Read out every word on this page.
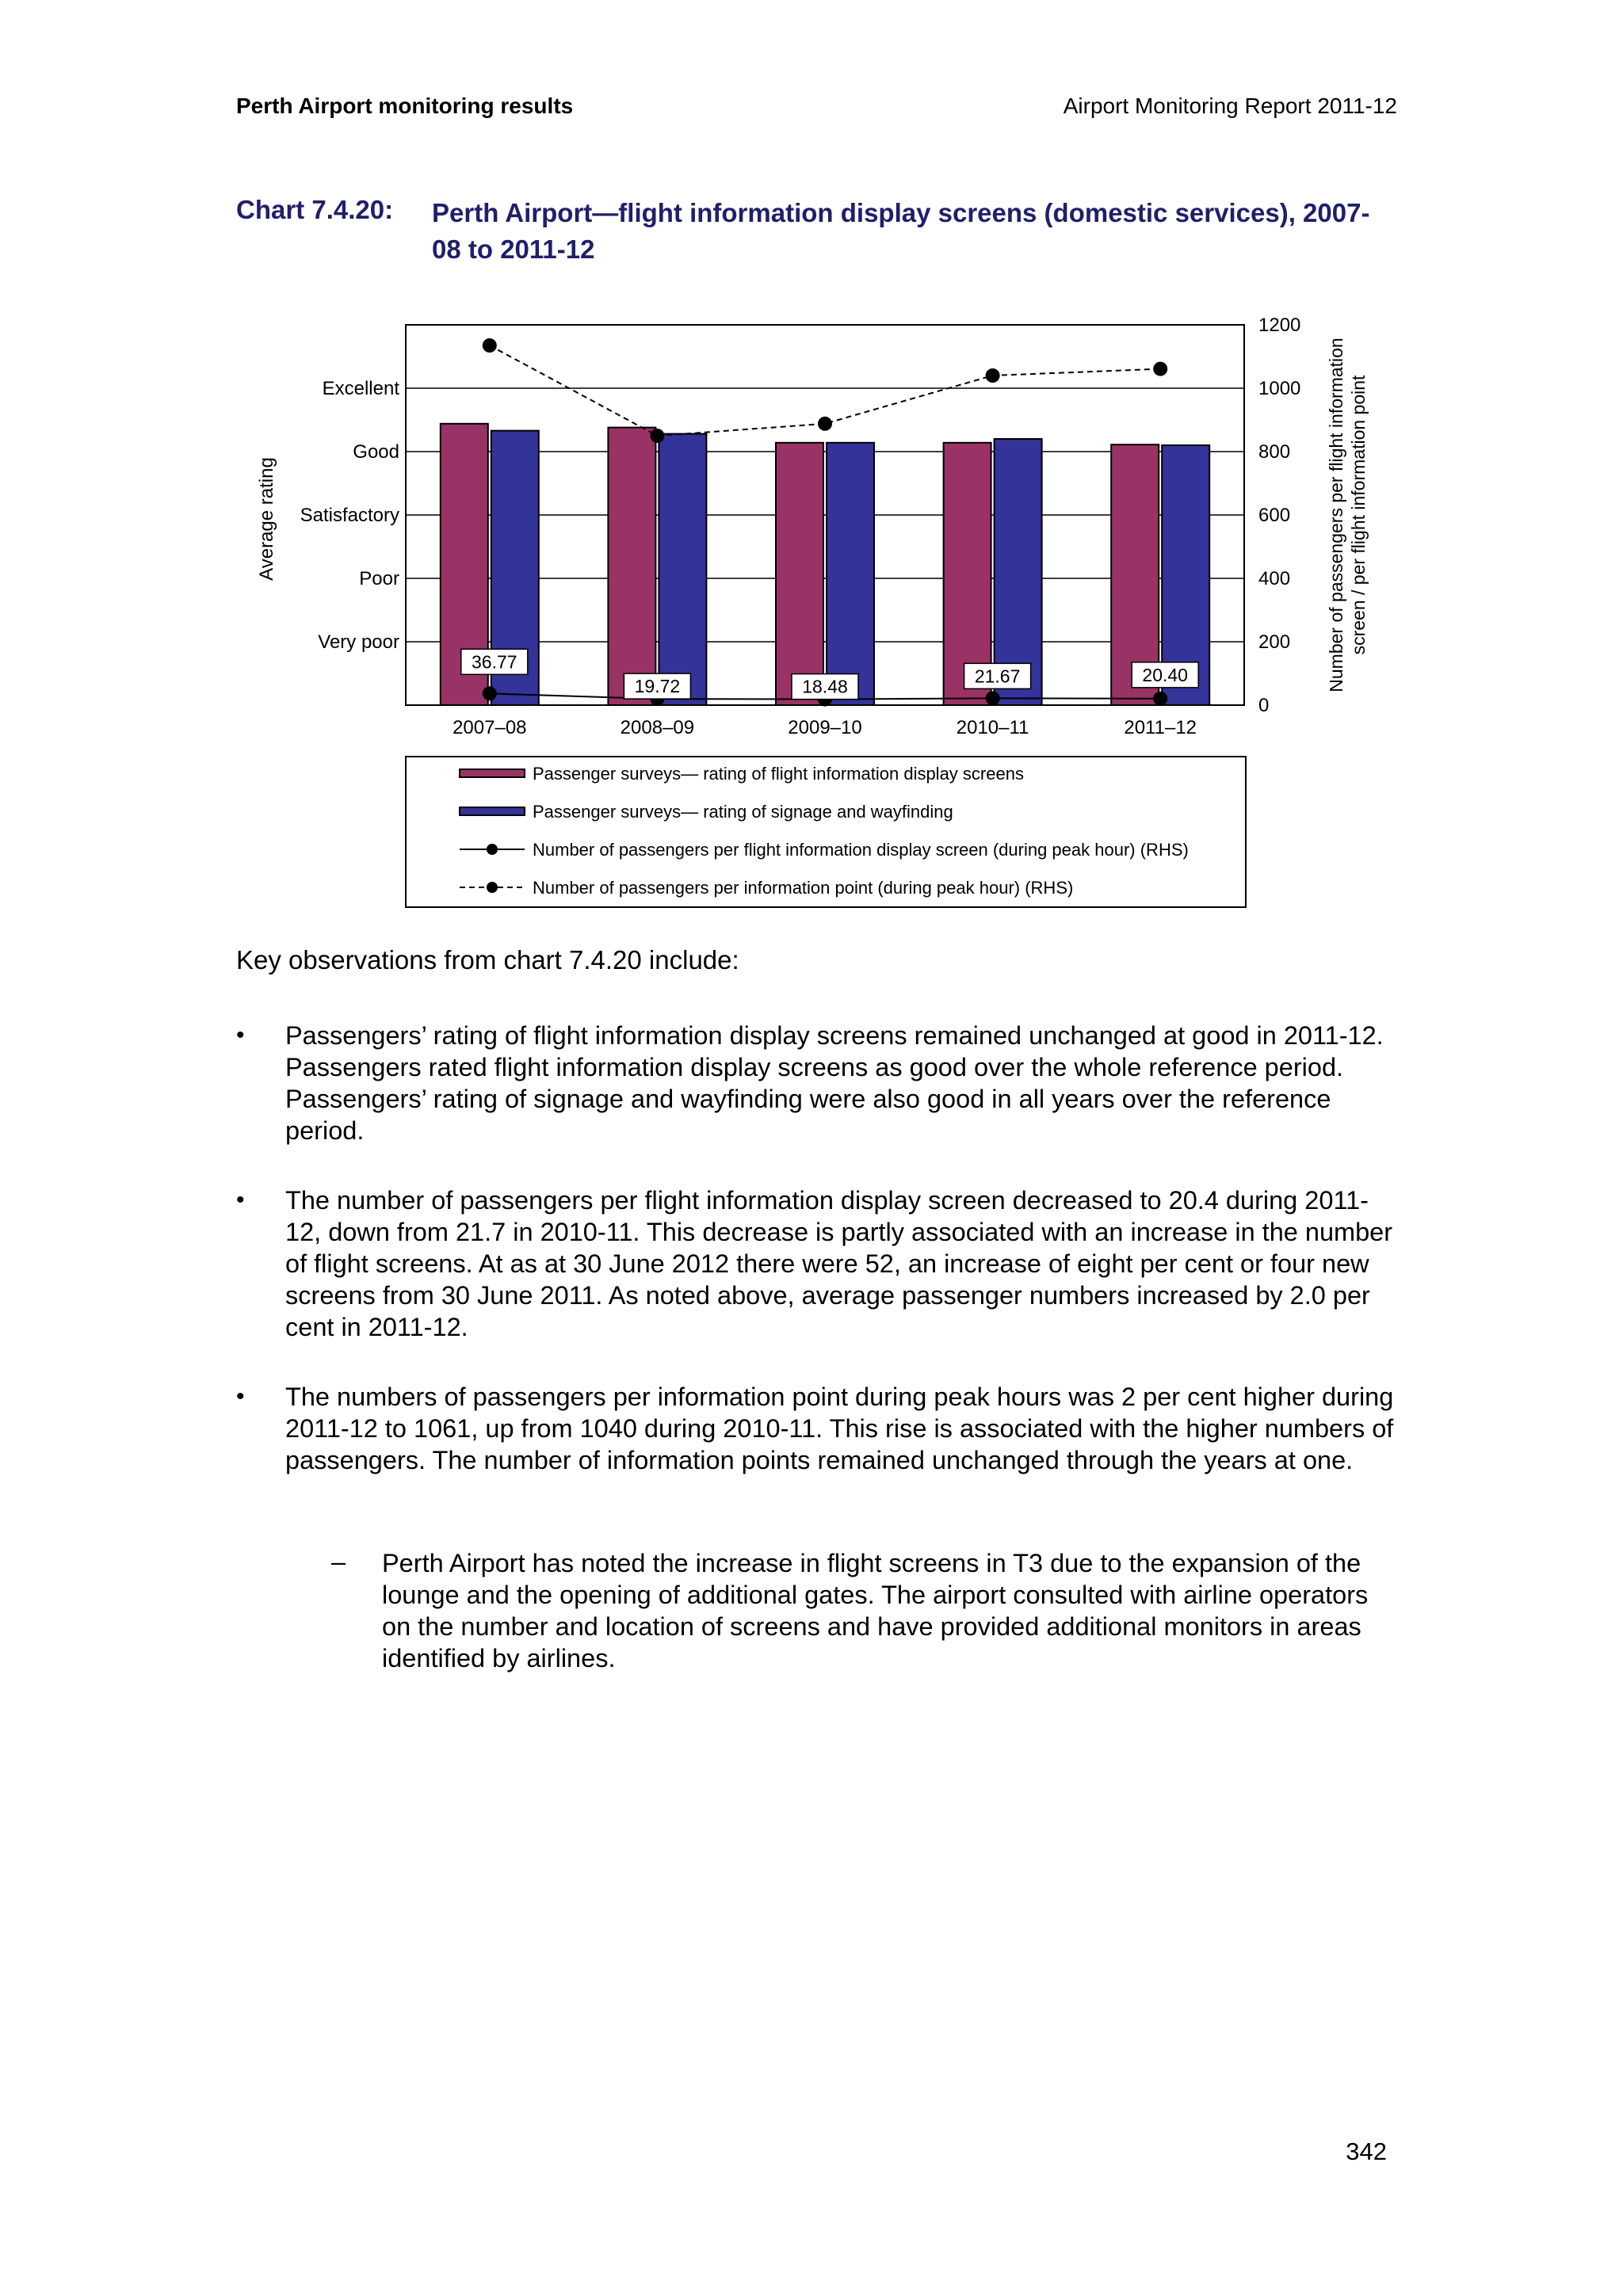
Perth Airport monitoring results	Airport Monitoring Report 2011-12
Chart 7.4.20: Perth Airport—flight information display screens (domestic services), 2007-08 to 2011-12
36.77
19.72	18.48
21.67	20.40
Very poor
Poor
Satisfactory
Good
Excellent
0
200
400
600
800
1000
1200
2007–08	2008–09	2009–10	2010–11	2011–12
Average rating	Number of passengers per flight information screen / per flight information point
Passenger surveys— rating of flight information display screens
Passenger surveys— rating of signage and wayfinding
Number of passengers per flight information display screen (during peak hour) (RHS)
Number of passengers per information point (during peak hour) (RHS)
Key observations from chart 7.4.20 include:
• Passengers’ rating of flight information display screens remained unchanged at good in 2011-12. Passengers rated flight information display screens as good over the whole reference period. Passengers’ rating of signage and wayfinding were also good in all years over the reference period.
• The number of passengers per flight information display screen decreased to 20.4 during 2011-12, down from 21.7 in 2010-11. This decrease is partly associated with an increase in the number of flight screens. At as at 30 June 2012 there were 52, an increase of eight per cent or four new screens from 30 June 2011. As noted above, average passenger numbers increased by 2.0 per cent in 2011-12.
• The numbers of passengers per information point during peak hours was 2 per cent higher during 2011-12 to 1061, up from 1040 during 2010-11. This rise is associated with the higher numbers of passengers. The number of information points remained unchanged through the years at one.
– Perth Airport has noted the increase in flight screens in T3 due to the expansion of the lounge and the opening of additional gates. The airport consulted with airline operators on the number and location of screens and have provided additional monitors in areas identified by airlines.
342
